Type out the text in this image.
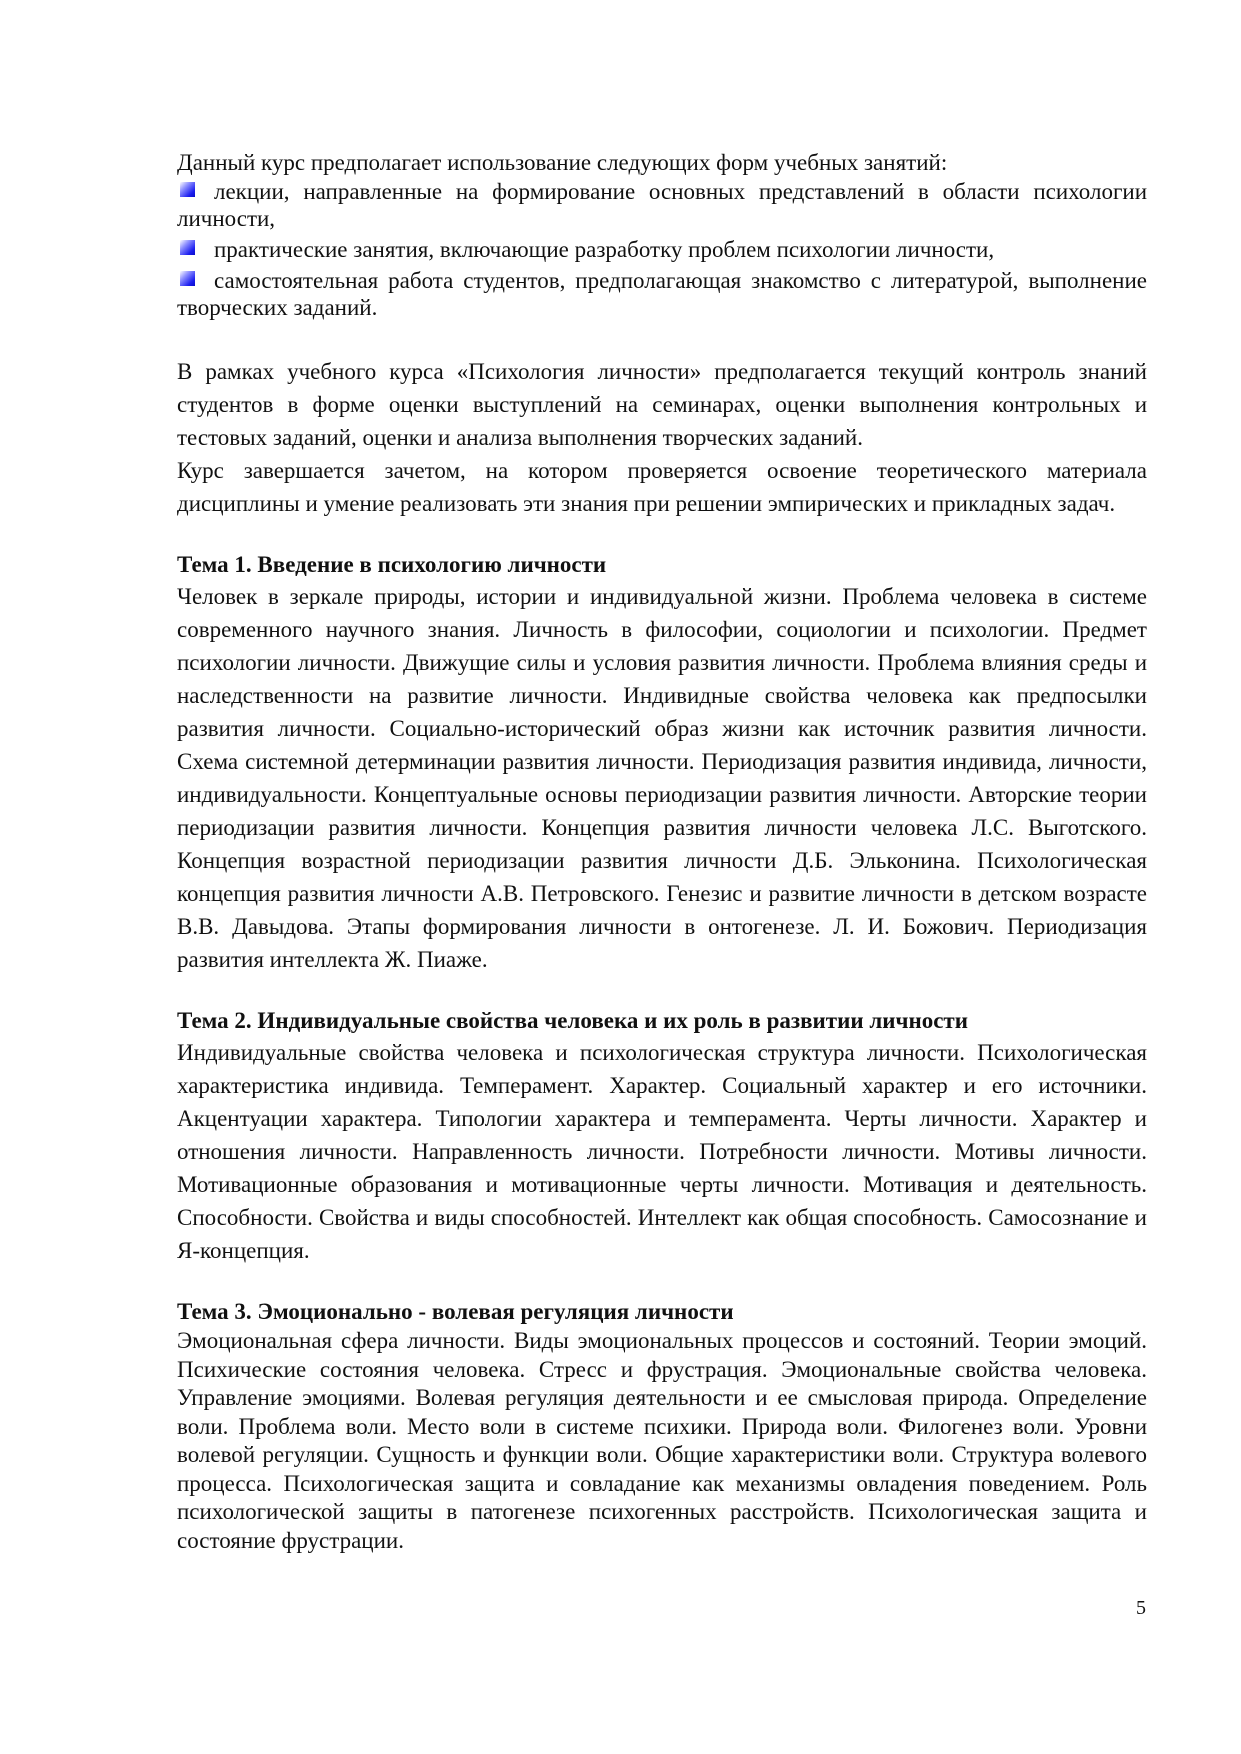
Данный курс предполагает использование следующих форм учебных занятий:

лекции, направленные на формирование основных представлений в области психологии личности,
практические занятия, включающие разработку проблем психологии личности,
самостоятельная работа студентов, предполагающая знакомство с литературой, выполнение творческих заданий.

В рамках учебного курса «Психология личности» предполагается текущий контроль знаний студентов в форме оценки выступлений на семинарах, оценки выполнения контрольных и тестовых заданий, оценки и анализа выполнения творческих заданий.

Курс завершается зачетом, на котором проверяется освоение теоретического материала дисциплины и умение реализовать эти знания при решении эмпирических и прикладных задач.

Тема 1. Введение в психологию личности

Человек в зеркале природы, истории и индивидуальной жизни. Проблема человека в системе современного научного знания. Личность в философии, социологии и психологии. Предмет психологии личности. Движущие силы и условия развития личности. Проблема влияния среды и наследственности на развитие личности. Индивидные свойства человека как предпосылки развития личности. Социально-исторический образ жизни как источник развития личности. Схема системной детерминации развития личности. Периодизация развития индивида, личности, индивидуальности. Концептуальные основы периодизации развития личности. Авторские теории периодизации развития личности. Концепция развития личности человека Л.С. Выготского. Концепция возрастной периодизации развития личности Д.Б. Эльконина. Психологическая концепция развития личности А.В. Петровского. Генезис и развитие личности в детском возрасте В.В. Давыдова. Этапы формирования личности в онтогенезе. Л. И. Божович. Периодизация развития интеллекта Ж. Пиаже.

Тема 2. Индивидуальные свойства человека и их роль в развитии личности

Индивидуальные свойства человека и психологическая структура личности. Психологическая характеристика индивида. Темперамент. Характер. Социальный характер и его источники. Акцентуации характера. Типологии характера и темперамента. Черты личности. Характер и отношения личности. Направленность личности. Потребности личности. Мотивы личности. Мотивационные образования и мотивационные черты личности. Мотивация и деятельность. Способности. Свойства и виды способностей. Интеллект как общая способность. Самосознание и Я-концепция.

Тема 3. Эмоционально - волевая регуляция личности

Эмоциональная сфера личности. Виды эмоциональных процессов и состояний. Теории эмоций. Психические состояния человека. Стресс и фрустрация. Эмоциональные свойства человека. Управление эмоциями. Волевая регуляция деятельности и ее смысловая природа. Определение воли. Проблема воли. Место воли в системе психики. Природа воли. Филогенез воли. Уровни волевой регуляции. Сущность и функции воли. Общие характеристики воли. Структура волевого процесса. Психологическая защита и совладание как механизмы овладения поведением. Роль психологической защиты в патогенезе психогенных расстройств. Психологическая защита и состояние фрустрации.

5
